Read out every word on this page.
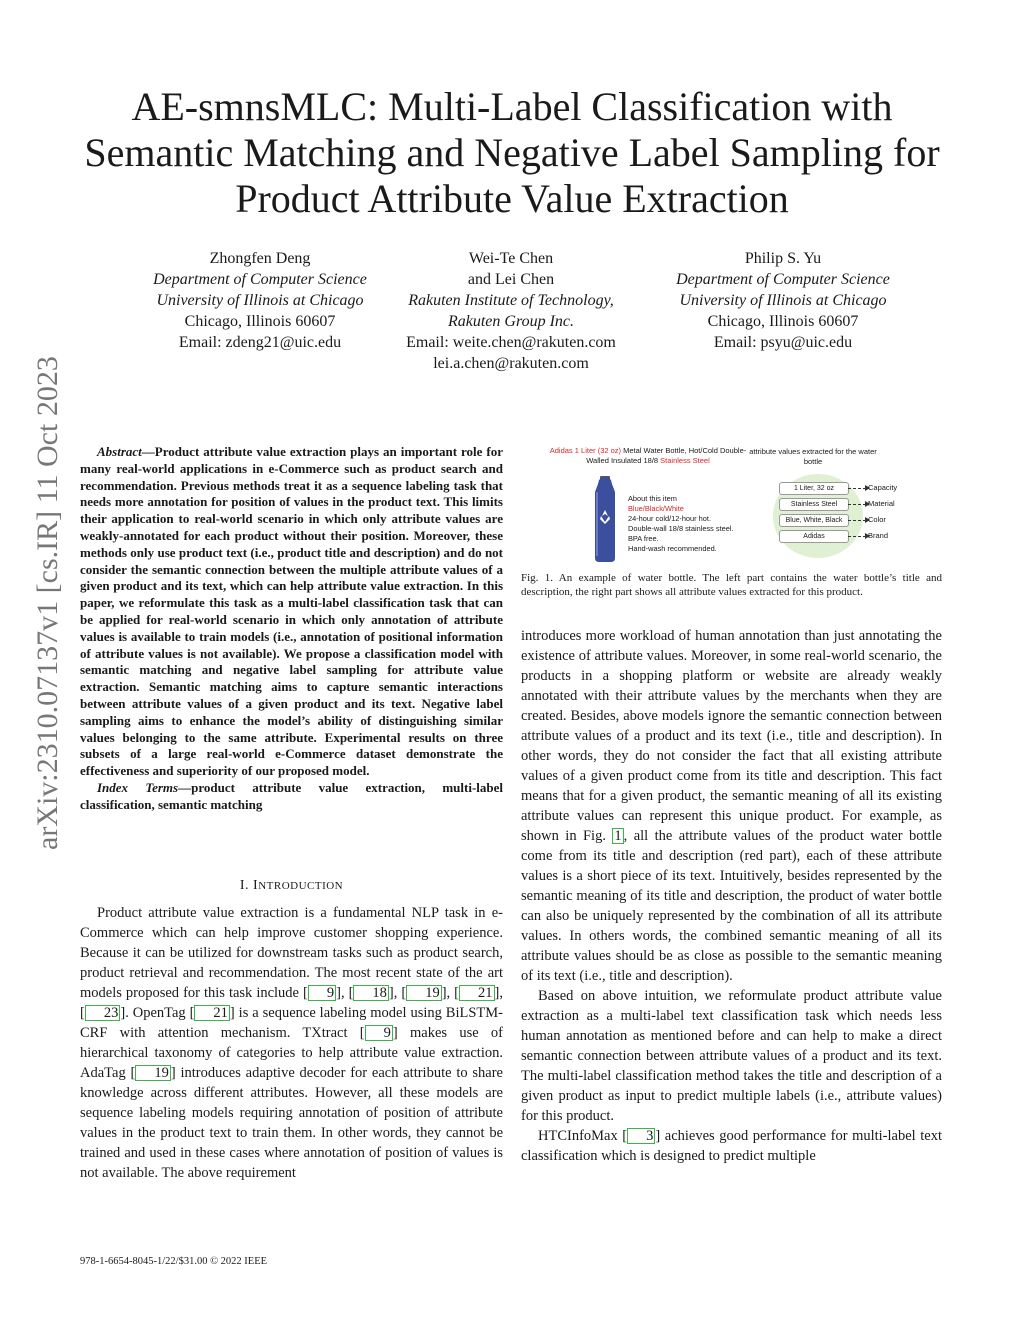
AE-smnsMLC: Multi-Label Classification with Semantic Matching and Negative Label Sampling for Product Attribute Value Extraction
arXiv:2310.07137v1 [cs.IR] 11 Oct 2023
Zhongfen Deng
Department of Computer Science
University of Illinois at Chicago
Chicago, Illinois 60607
Email: zdeng21@uic.edu
Wei-Te Chen
and Lei Chen
Rakuten Institute of Technology,
Rakuten Group Inc.
Email: weite.chen@rakuten.com
lei.a.chen@rakuten.com
Philip S. Yu
Department of Computer Science
University of Illinois at Chicago
Chicago, Illinois 60607
Email: psyu@uic.edu

Abstract—Product attribute value extraction plays an important role for many real-world applications in e-Commerce such as product search and recommendation. Previous methods treat it as a sequence labeling task that needs more annotation for position of values in the product text. This limits their application to real-world scenario in which only attribute values are weakly-annotated for each product without their position. Moreover, these methods only use product text (i.e., product title and description) and do not consider the semantic connection between the multiple attribute values of a given product and its text, which can help attribute value extraction. In this paper, we reformulate this task as a multi-label classification task that can be applied for real-world scenario in which only annotation of attribute values is available to train models (i.e., annotation of positional information of attribute values is not available). We propose a classification model with semantic matching and negative label sampling for attribute value extraction. Semantic matching aims to capture semantic interactions between attribute values of a given product and its text. Negative label sampling aims to enhance the model’s ability of distinguishing similar values belonging to the same attribute. Experimental results on three subsets of a large real-world e-Commerce dataset demonstrate the effectiveness and superiority of our proposed model.

Index Terms—product attribute value extraction, multi-label classification, semantic matching

I. INTRODUCTION

Product attribute value extraction is a fundamental NLP task in e-Commerce which can help improve customer shopping experience. Because it can be utilized for downstream tasks such as product search, product retrieval and recommendation. The most recent state of the art models proposed for this task include [ 9 ], [ 18 ], [ 19 ], [ 21 ], [ 23 ]. OpenTag [ 21 ] is a sequence labeling model using BiLSTM-CRF with attention mechanism. TXtract [ 9 ] makes use of hierarchical taxonomy of categories to help attribute value extraction. AdaTag [ 19 ] introduces adaptive decoder for each attribute to share knowledge across different attributes. However, all these models are sequence labeling models requiring annotation of position of attribute values in the product text to train them. In other words, they cannot be trained and used in these cases where annotation of position of values is not available. The above requirement

Adidas 1 Liter (32 oz) Metal Water Bottle, Hot/Cold Double-Walled Insulated 18/8 Stainless Steel
attribute values extracted for the water bottle
About this item
Blue/Black/White
24-hour cold/12-hour hot.
Double-wall 18/8 stainless steel.
BPA free.
Hand-wash recommended.
1 Liter, 32 oz
Stainless Steel
Blue, White, Black
Adidas
Capacity
Material
Color
Brand
Fig. 1. An example of water bottle. The left part contains the water bottle’s title and description, the right part shows all attribute values extracted for this product.

introduces more workload of human annotation than just annotating the existence of attribute values. Moreover, in some real-world scenario, the products in a shopping platform or website are already weakly annotated with their attribute values by the merchants when they are created. Besides, above models ignore the semantic connection between attribute values of a product and its text (i.e., title and description). In other words, they do not consider the fact that all existing attribute values of a given product come from its title and description. This fact means that for a given product, the semantic meaning of all its existing attribute values can represent this unique product. For example, as shown in Fig. 1 , all the attribute values of the product water bottle come from its title and description (red part), each of these attribute values is a short piece of its text. Intuitively, besides represented by the semantic meaning of its title and description, the product of water bottle can also be uniquely represented by the combination of all its attribute values. In others words, the combined semantic meaning of all its attribute values should be as close as possible to the semantic meaning of its text (i.e., title and description).

Based on above intuition, we reformulate product attribute value extraction as a multi-label text classification task which needs less human annotation as mentioned before and can help to make a direct semantic connection between attribute values of a product and its text. The multi-label classification method takes the title and description of a given product as input to predict multiple labels (i.e., attribute values) for this product.

HTCInfoMax [ 3 ] achieves good performance for multi-label text classification which is designed to predict multiple

978-1-6654-8045-1/22/$31.00 © 2022 IEEE
